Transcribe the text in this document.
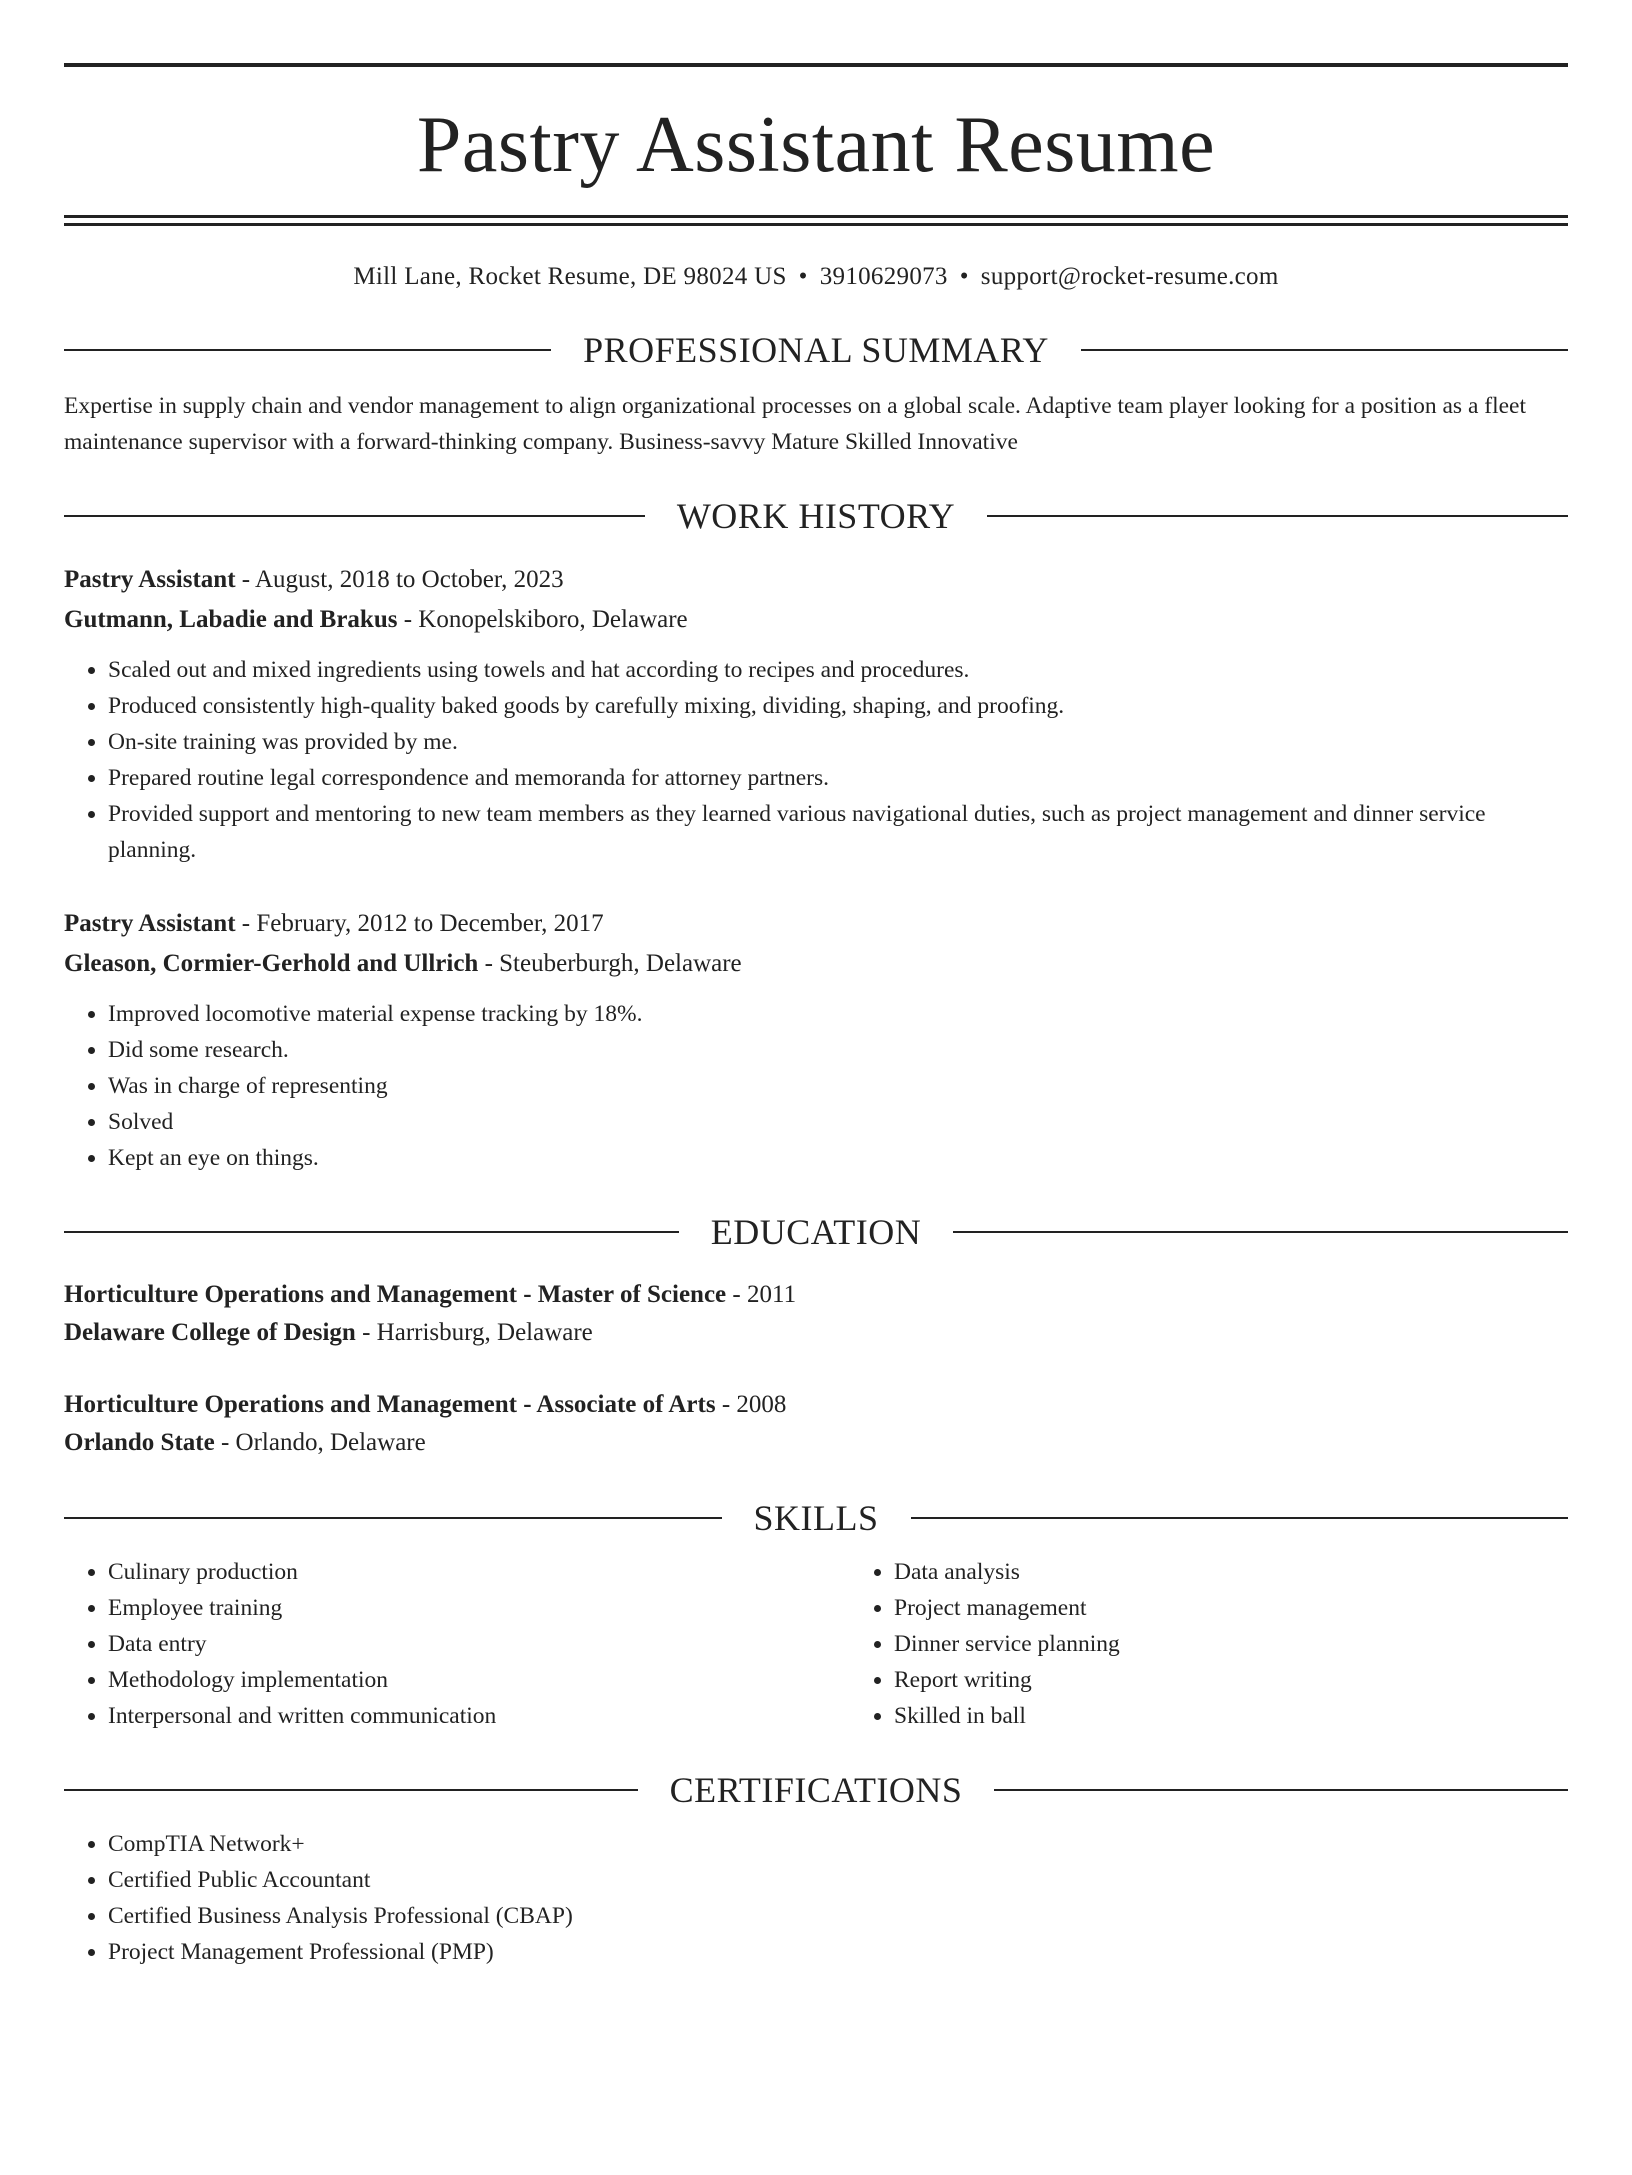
Pastry Assistant Resume
Mill Lane, Rocket Resume, DE 98024 US • 3910629073 • support@rocket-resume.com
PROFESSIONAL SUMMARY
Expertise in supply chain and vendor management to align organizational processes on a global scale. Adaptive team player looking for a position as a fleet maintenance supervisor with a forward-thinking company. Business-savvy Mature Skilled Innovative
WORK HISTORY
Pastry Assistant - August, 2018 to October, 2023
Gutmann, Labadie and Brakus - Konopelskiboro, Delaware
• Scaled out and mixed ingredients using towels and hat according to recipes and procedures.
• Produced consistently high-quality baked goods by carefully mixing, dividing, shaping, and proofing.
• On-site training was provided by me.
• Prepared routine legal correspondence and memoranda for attorney partners.
• Provided support and mentoring to new team members as they learned various navigational duties, such as project management and dinner service planning.
Pastry Assistant - February, 2012 to December, 2017
Gleason, Cormier-Gerhold and Ullrich - Steuberburgh, Delaware
• Improved locomotive material expense tracking by 18%.
• Did some research.
• Was in charge of representing
• Solved
• Kept an eye on things.
EDUCATION
Horticulture Operations and Management - Master of Science - 2011
Delaware College of Design - Harrisburg, Delaware
Horticulture Operations and Management - Associate of Arts - 2008
Orlando State - Orlando, Delaware
SKILLS
• Culinary production
• Employee training
• Data entry
• Methodology implementation
• Interpersonal and written communication
• Data analysis
• Project management
• Dinner service planning
• Report writing
• Skilled in ball
CERTIFICATIONS
• CompTIA Network+
• Certified Public Accountant
• Certified Business Analysis Professional (CBAP)
• Project Management Professional (PMP)
